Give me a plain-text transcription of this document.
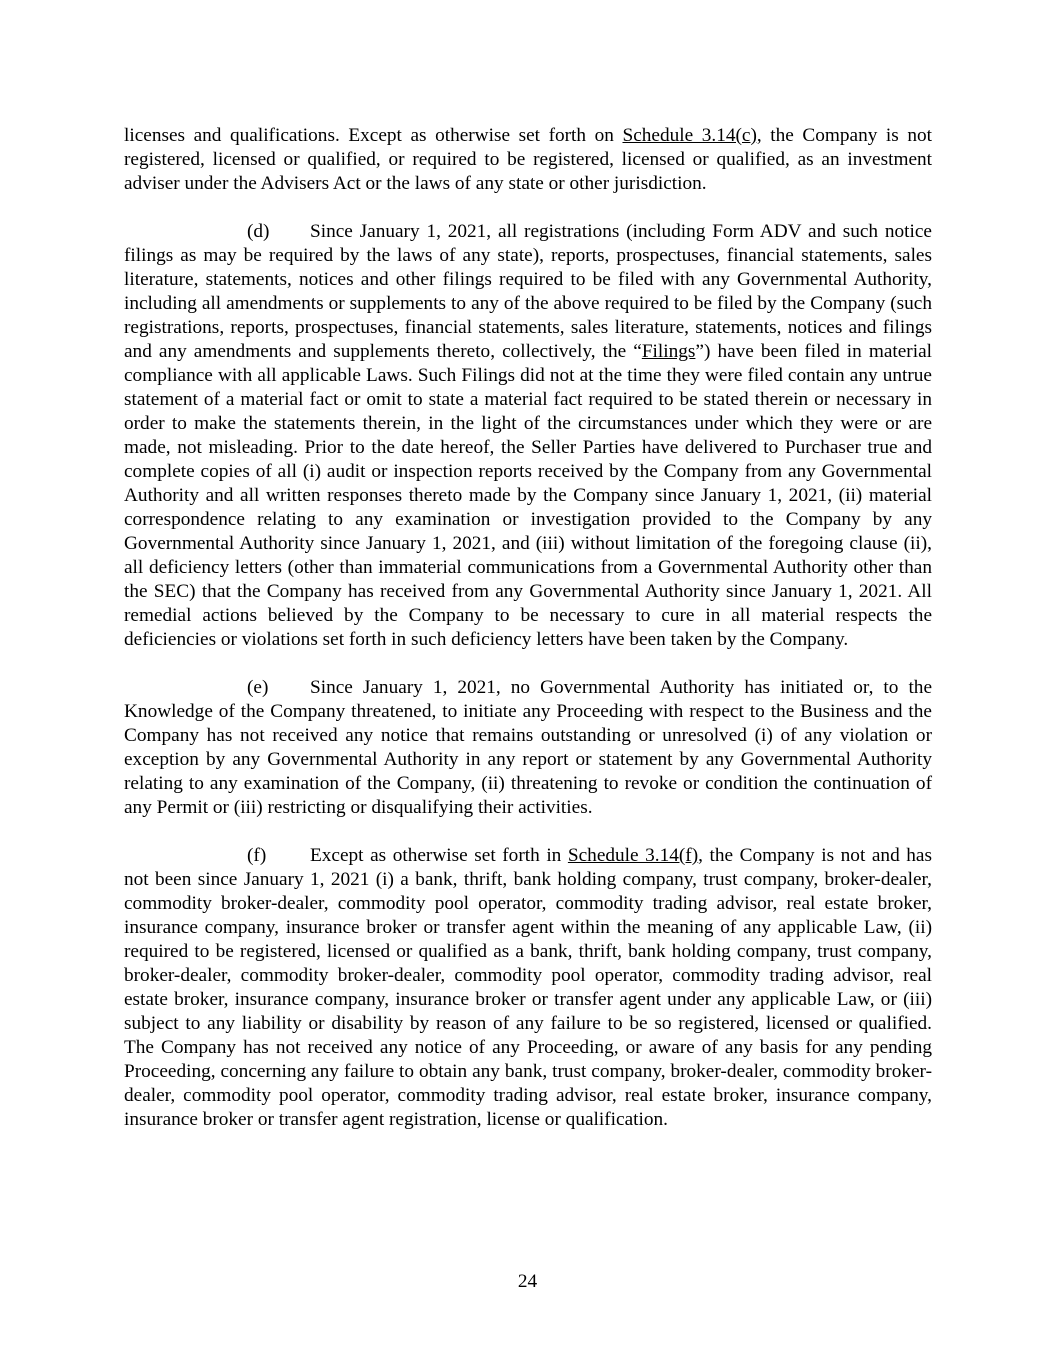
licenses and qualifications. Except as otherwise set forth on Schedule 3.14(c), the Company is not registered, licensed or qualified, or required to be registered, licensed or qualified, as an investment adviser under the Advisers Act or the laws of any state or other jurisdiction.

(d) Since January 1, 2021, all registrations (including Form ADV and such notice filings as may be required by the laws of any state), reports, prospectuses, financial statements, sales literature, statements, notices and other filings required to be filed with any Governmental Authority, including all amendments or supplements to any of the above required to be filed by the Company (such registrations, reports, prospectuses, financial statements, sales literature, statements, notices and filings and any amendments and supplements thereto, collectively, the “Filings”) have been filed in material compliance with all applicable Laws. Such Filings did not at the time they were filed contain any untrue statement of a material fact or omit to state a material fact required to be stated therein or necessary in order to make the statements therein, in the light of the circumstances under which they were or are made, not misleading. Prior to the date hereof, the Seller Parties have delivered to Purchaser true and complete copies of all (i) audit or inspection reports received by the Company from any Governmental Authority and all written responses thereto made by the Company since January 1, 2021, (ii) material correspondence relating to any examination or investigation provided to the Company by any Governmental Authority since January 1, 2021, and (iii) without limitation of the foregoing clause (ii), all deficiency letters (other than immaterial communications from a Governmental Authority other than the SEC) that the Company has received from any Governmental Authority since January 1, 2021. All remedial actions believed by the Company to be necessary to cure in all material respects the deficiencies or violations set forth in such deficiency letters have been taken by the Company.

(e) Since January 1, 2021, no Governmental Authority has initiated or, to the Knowledge of the Company threatened, to initiate any Proceeding with respect to the Business and the Company has not received any notice that remains outstanding or unresolved (i) of any violation or exception by any Governmental Authority in any report or statement by any Governmental Authority relating to any examination of the Company, (ii) threatening to revoke or condition the continuation of any Permit or (iii) restricting or disqualifying their activities.

(f) Except as otherwise set forth in Schedule 3.14(f), the Company is not and has not been since January 1, 2021 (i) a bank, thrift, bank holding company, trust company, broker-dealer, commodity broker-dealer, commodity pool operator, commodity trading advisor, real estate broker, insurance company, insurance broker or transfer agent within the meaning of any applicable Law, (ii) required to be registered, licensed or qualified as a bank, thrift, bank holding company, trust company, broker-dealer, commodity broker-dealer, commodity pool operator, commodity trading advisor, real estate broker, insurance company, insurance broker or transfer agent under any applicable Law, or (iii) subject to any liability or disability by reason of any failure to be so registered, licensed or qualified. The Company has not received any notice of any Proceeding, or aware of any basis for any pending Proceeding, concerning any failure to obtain any bank, trust company, broker-dealer, commodity broker-dealer, commodity pool operator, commodity trading advisor, real estate broker, insurance company, insurance broker or transfer agent registration, license or qualification.

24
